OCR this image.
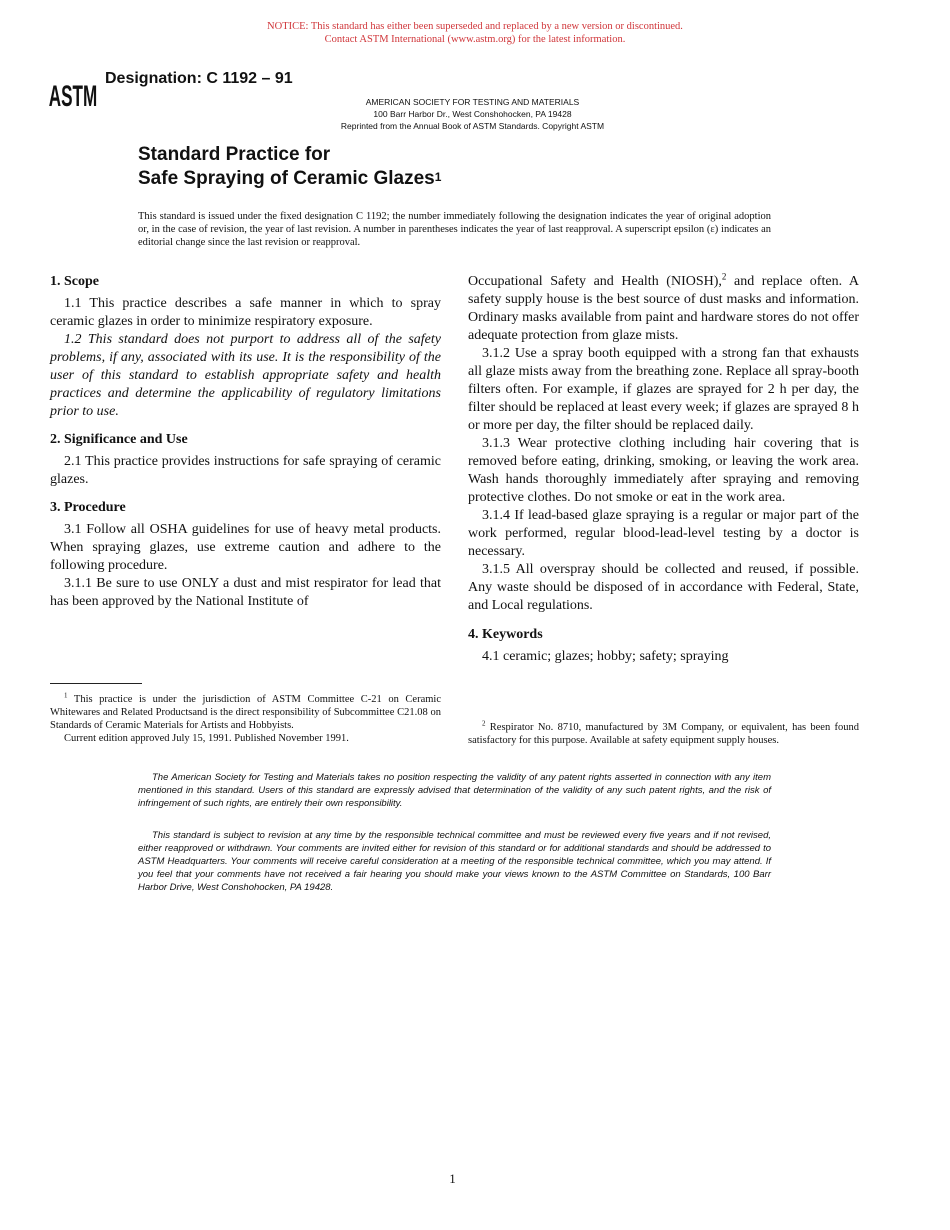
NOTICE: This standard has either been superseded and replaced by a new version or discontinued.
Contact ASTM International (www.astm.org) for the latest information.
ASTM
Designation: C 1192 – 91
AMERICAN SOCIETY FOR TESTING AND MATERIALS
100 Barr Harbor Dr., West Conshohocken, PA 19428
Reprinted from the Annual Book of ASTM Standards. Copyright ASTM
Standard Practice for
Safe Spraying of Ceramic Glazes$^1$
This standard is issued under the fixed designation C 1192; the number immediately following the designation indicates the year of original adoption or, in the case of revision, the year of last revision. A number in parentheses indicates the year of last reapproval. A superscript epsilon (ε) indicates an editorial change since the last revision or reapproval.
1. Scope

1.1 This practice describes a safe manner in which to spray ceramic glazes in order to minimize respiratory exposure.

1.2 This standard does not purport to address all of the safety problems, if any, associated with its use. It is the responsibility of the user of this standard to establish appropriate safety and health practices and determine the applicability of regulatory limitations prior to use.

2. Significance and Use

2.1 This practice provides instructions for safe spraying of ceramic glazes.

3. Procedure

3.1 Follow all OSHA guidelines for use of heavy metal products. When spraying glazes, use extreme caution and adhere to the following procedure.

3.1.1 Be sure to use ONLY a dust and mist respirator for lead that has been approved by the National Institute of

$^1$ This practice is under the jurisdiction of ASTM Committee C-21 on Ceramic Whitewares and Related Productsand is the direct responsibility of Subcommittee C21.08 on Standards of Ceramic Materials for Artists and Hobbyists.

Current edition approved July 15, 1991. Published November 1991.

Occupational Safety and Health (NIOSH),$^2$ and replace often. A safety supply house is the best source of dust masks and information. Ordinary masks available from paint and hardware stores do not offer adequate protection from glaze mists.

3.1.2 Use a spray booth equipped with a strong fan that exhausts all glaze mists away from the breathing zone. Replace all spray-booth filters often. For example, if glazes are sprayed for 2 h per day, the filter should be replaced at least every week; if glazes are sprayed 8 h or more per day, the filter should be replaced daily.

3.1.3 Wear protective clothing including hair covering that is removed before eating, drinking, smoking, or leaving the work area. Wash hands thoroughly immediately after spraying and removing protective clothes. Do not smoke or eat in the work area.

3.1.4 If lead-based glaze spraying is a regular or major part of the work performed, regular blood-lead-level testing by a doctor is necessary.

3.1.5 All overspray should be collected and reused, if possible. Any waste should be disposed of in accordance with Federal, State, and Local regulations.

4. Keywords

4.1 ceramic; glazes; hobby; safety; spraying

$^2$ Respirator No. 8710, manufactured by 3M Company, or equivalent, has been found satisfactory for this purpose. Available at safety equipment supply houses.

The American Society for Testing and Materials takes no position respecting the validity of any patent rights asserted in connection with any item mentioned in this standard. Users of this standard are expressly advised that determination of the validity of any such patent rights, and the risk of infringement of such rights, are entirely their own responsibility.

This standard is subject to revision at any time by the responsible technical committee and must be reviewed every five years and if not revised, either reapproved or withdrawn. Your comments are invited either for revision of this standard or for additional standards and should be addressed to ASTM Headquarters. Your comments will receive careful consideration at a meeting of the responsible technical committee, which you may attend. If you feel that your comments have not received a fair hearing you should make your views known to the ASTM Committee on Standards, 100 Barr Harbor Drive, West Conshohocken, PA 19428.

1
